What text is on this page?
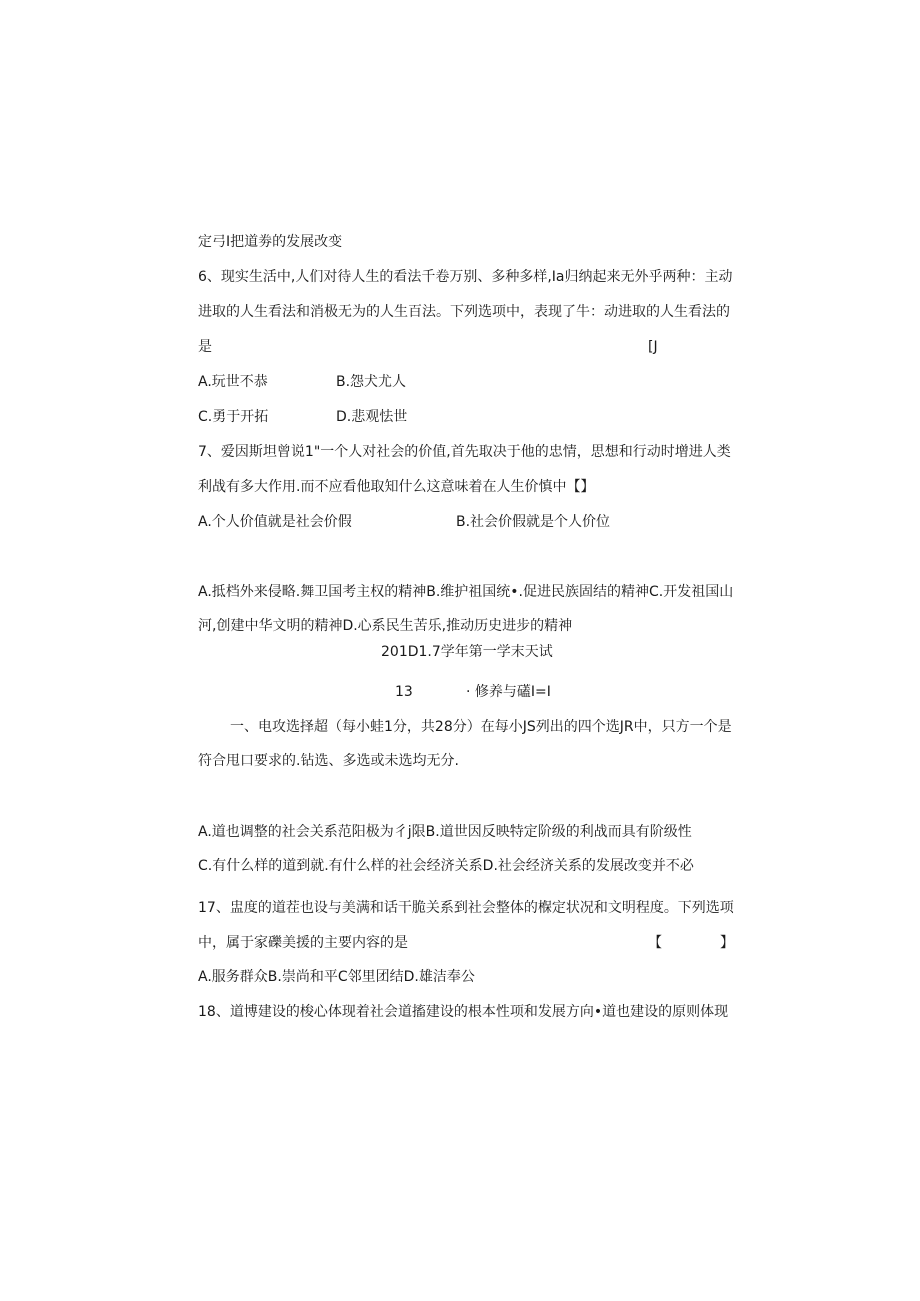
定弓I把道劵的发展改变
6、现实生活中,人们对待人生的看法千卷万别、多种多样,Ia归纳起来无外乎两种：主动
进取的人生看法和消极无为的人生百法。下列选项中，表现了牛：动进取的人生看法的
是	[J
A.玩世不恭	B.怨犬尤人
C.勇于开拓	D.悲观怯世
7、爱因斯坦曾说1"一个人对社会的价值,首先取决于他的忠情，思想和行动时增进人类
利战有多大作用.而不应看他取知什么这意味着在人生价慎中【】
A.个人价值就是社会价假	B.社会价假就是个人价位
A.抵档外来侵略.舞卫国考主权的精神B.维护祖国统•.促进民族固结的精神C.开发祖国山
河,创建中华文明的精神D.心系民生苦乐,推动历史进步的精神
201D1.7学年第一学末天试
13	· 修养与礚I=I
一、电攻选择超（每小蛙1分，共28分）在每小JS列出的四个选JR中，只方一个是
符合甩口要求的.钻选、多选或未选均无分.
A.道也调整的社会关系范阳极为彳j限B.道世因反映特定阶级的利战而具有阶级性
C.有什么样的道到就.有什么样的社会经济关系D.社会经济关系的发展改变并不必
17、盅度的道茬也设与美满和话干脆关系到社会整体的椺定状况和文明程度。下列选项
中，属于家礫美援的主要内容的是	【	】
A.服务群众B.崇尚和平C邻里团结D.雄洁奉公
18、道博建设的梭心体现着社会道搐建设的根本性项和发展方向•道也建设的原则体现
